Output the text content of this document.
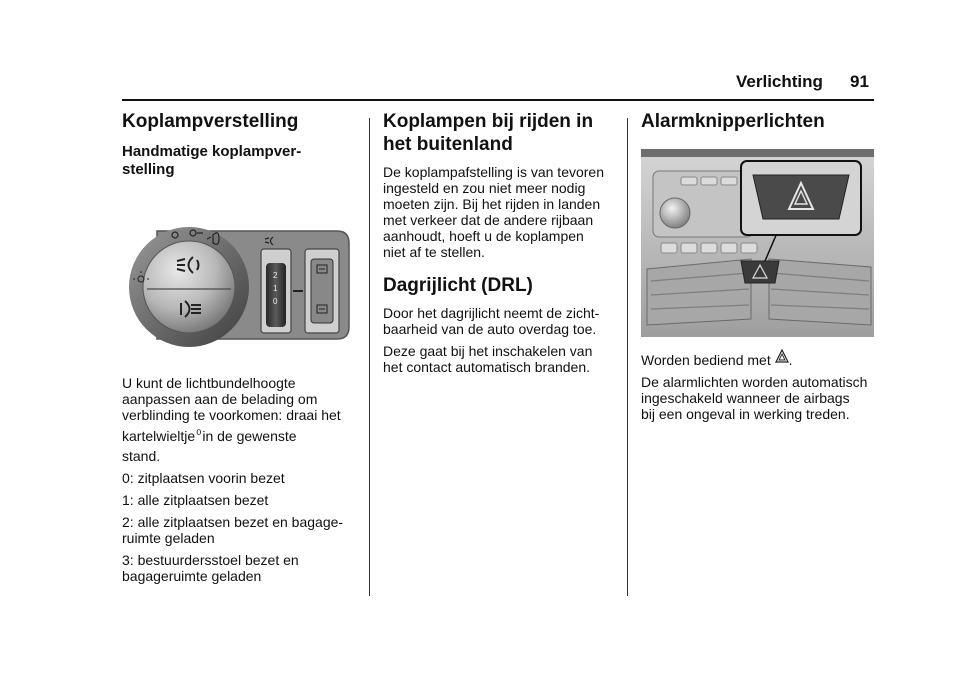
Verlichting 91
Koplampverstelling
Handmatige koplampver-
stelling
2
1
0

U kunt de lichtbundelhoogte

aanpassen aan de belading om

verblinding te voorkomen: draai het

kartelwieltje⁰in de gewenste

stand.

0: zitplaatsen voorin bezet

1: alle zitplaatsen bezet

2: alle zitplaatsen bezet en bagage-

ruimte geladen

3: bestuurdersstoel bezet en

bagageruimte geladen

Koplampen bij rijden in
het buitenland

De koplampafstelling is van tevoren

ingesteld en zou niet meer nodig

moeten zijn. Bij het rijden in landen

met verkeer dat de andere rijbaan

aanhoudt, hoeft u de koplampen

niet af te stellen.

Dagrijlicht (DRL)

Door het dagrijlicht neemt de zicht-

baarheid van de auto overdag toe.

Deze gaat bij het inschakelen van

het contact automatisch branden.

Alarmknipperlichten

Worden bediend met .

De alarmlichten worden automatisch

ingeschakeld wanneer de airbags

bij een ongeval in werking treden.
